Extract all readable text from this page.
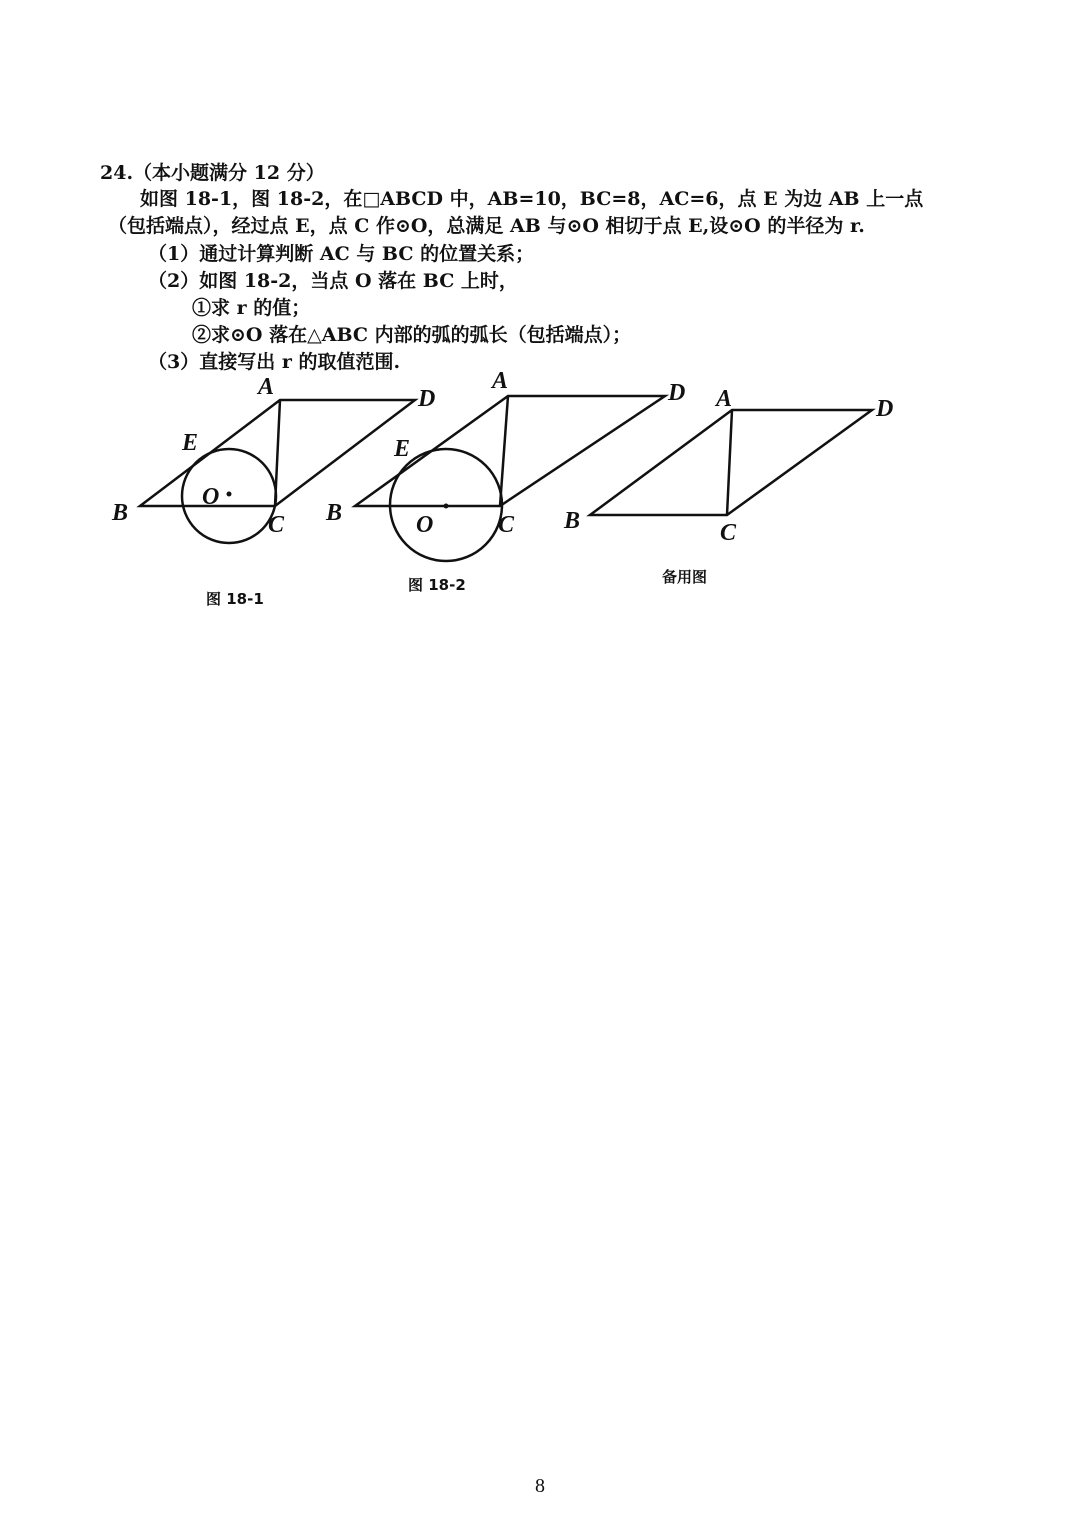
24.（本小题满分 12 分）
如图 18-1，图 18-2，在□ABCD 中，AB=10，BC=8，AC=6，点 E 为边 AB 上一点
（包括端点），经过点 E，点 C 作⊙O，总满足 AB 与⊙O 相切于点 E,设⊙O 的半径为 r.
（1）通过计算判断 AC 与 BC 的位置关系；
（2）如图 18-2，当点 O 落在 BC 上时，
①求 r 的值；
②求⊙O 落在△ABC 内部的弧的弧长（包括端点）；
（3）直接写出 r 的取值范围.
A	D
E
O
B	C
A	D
E
O
B	C
A	D
B	C
图 18-1
图 18-2	备用图
8
